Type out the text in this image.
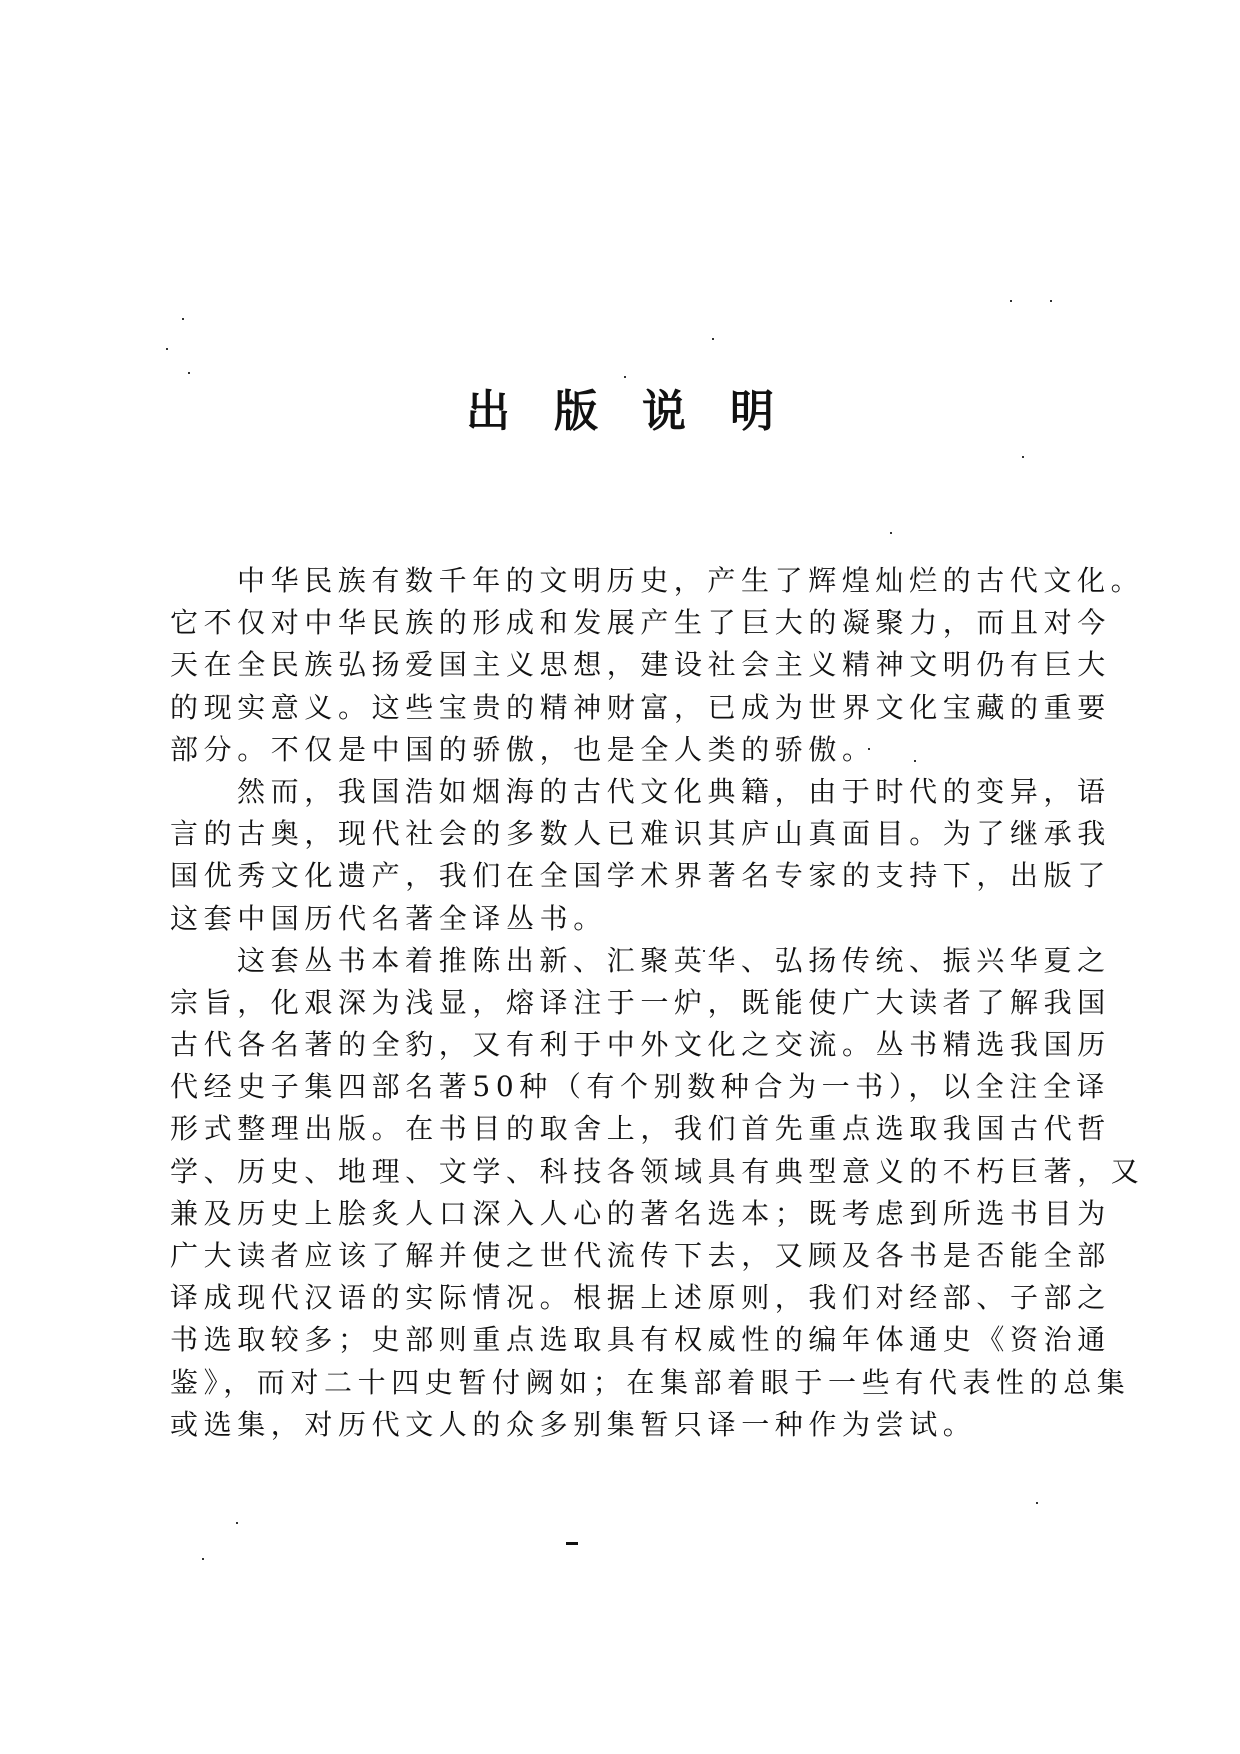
出版说明
中华民族有数千年的文明历史，产生了辉煌灿烂的古代文化。
它不仅对中华民族的形成和发展产生了巨大的凝聚力，而且对今
天在全民族弘扬爱国主义思想，建设社会主义精神文明仍有巨大
的现实意义。这些宝贵的精神财富，已成为世界文化宝藏的重要
部分。不仅是中国的骄傲，也是全人类的骄傲。
然而，我国浩如烟海的古代文化典籍，由于时代的变异，语
言的古奥，现代社会的多数人已难识其庐山真面目。为了继承我
国优秀文化遗产，我们在全国学术界著名专家的支持下，出版了
这套中国历代名著全译丛书。
这套丛书本着推陈出新、汇聚英华、弘扬传统、振兴华夏之
宗旨，化艰深为浅显，熔译注于一炉，既能使广大读者了解我国
古代各名著的全豹，又有利于中外文化之交流。丛书精选我国历
代经史子集四部名著50种（有个别数种合为一书），以全注全译
形式整理出版。在书目的取舍上，我们首先重点选取我国古代哲
学、历史、地理、文学、科技各领域具有典型意义的不朽巨著，又
兼及历史上脍炙人口深入人心的著名选本；既考虑到所选书目为
广大读者应该了解并使之世代流传下去，又顾及各书是否能全部
译成现代汉语的实际情况。根据上述原则，我们对经部、子部之
书选取较多；史部则重点选取具有权威性的编年体通史《资治通
鉴》，而对二十四史暂付阙如；在集部着眼于一些有代表性的总集
或选集，对历代文人的众多别集暂只译一种作为尝试。
